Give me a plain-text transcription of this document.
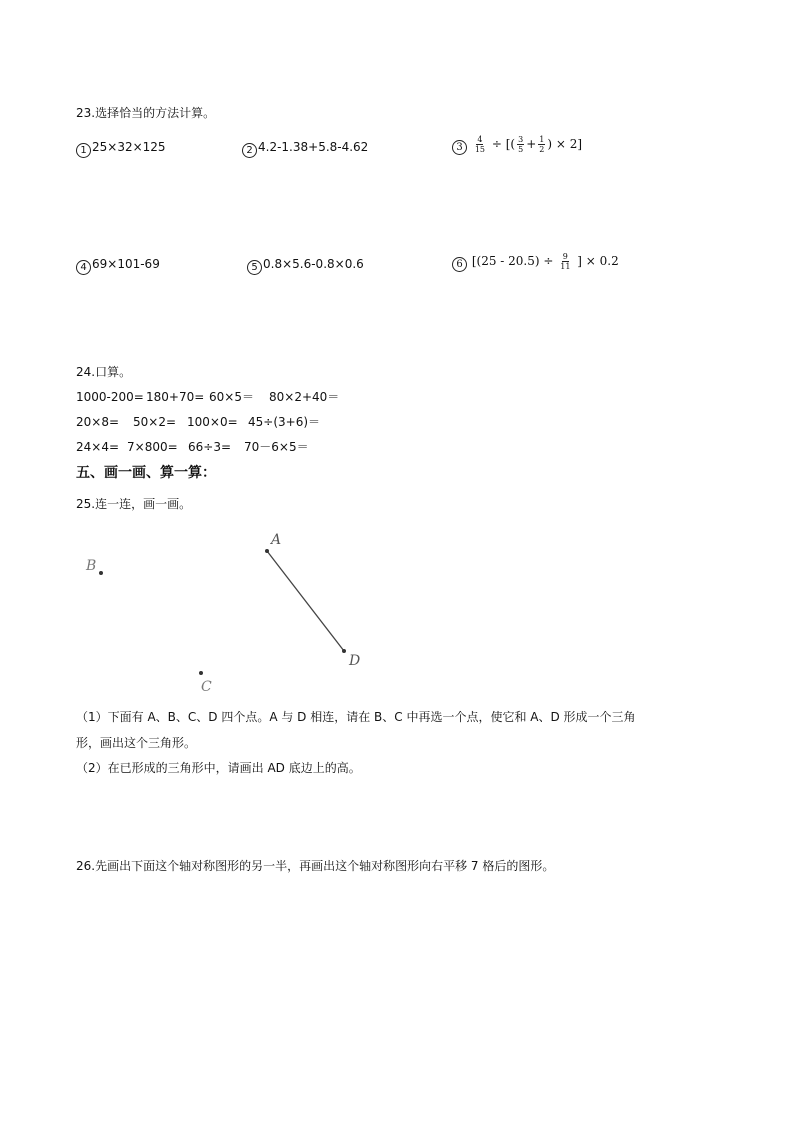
23.选择恰当的方法计算。
1 25×32×125	2 4.2-1.38+5.8-4.62	$3 \frac{4}{15}$ ÷ [( $\frac{3}{5} + \frac{1}{2}$ ) × 2]
4 69×101-69	5 0.8×5.6-0.8×0.6	6 [$(25 - 20.5) \div \frac{9}{11}$ ] × 0.2
24.口算。
1000-200= 180+70= 60×5＝ 80×2+40＝
20×8= 50×2= 100×0= 45÷(3+6)＝
24×4= 7×800= 66÷3= 70－6×5＝
五、画一画、算一算：
25.连一连，画一画。
A
D
B
C
（1）下面有 A、B、C、D 四个点。A 与 D 相连，请在 B、C 中再选一个点，使它和 A、D 形成一个三角
形，画出这个三角形。
（2）在已形成的三角形中，请画出 AD 底边上的高。
26.先画出下面这个轴对称图形的另一半，再画出这个轴对称图形向右平移 7 格后的图形。
